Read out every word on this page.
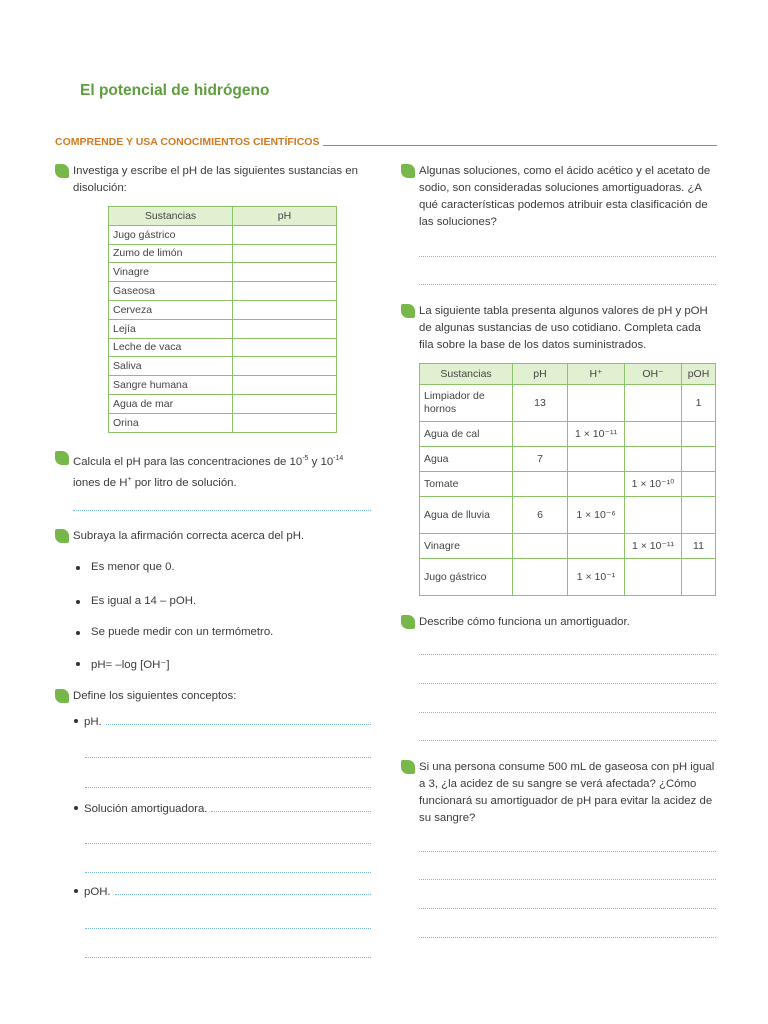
El potencial de hidrógeno
COMPRENDE Y USA CONOCIMIENTOS CIENTÍFICOS

Investiga y escribe el pH de las siguientes sustancias en disolución:

Sustancias	pH
Jugo gástrico	
Zumo de limón	
Vinagre	
Gaseosa	
Cerveza	
Lejía	
Leche de vaca	
Saliva	
Sangre humana	
Agua de mar	
Orina	

Calcula el pH para las concentraciones de $10^{-5}$ y $10^{-14}$ iones de H+ por litro de solución.

Subraya la afirmación correcta acerca del pH.

Es menor que 0.
Es igual a 14 – pOH.
Se puede medir con un termómetro.
pH= –log [OH⁻]

Define los siguientes conceptos:

pH.
Solución amortiguadora.
pOH.

Algunas soluciones, como el ácido acético y el acetato de sodio, son consideradas soluciones amortiguadoras. ¿A qué características podemos atribuir esta clasificación de las soluciones?

La siguiente tabla presenta algunos valores de pH y pOH de algunas sustancias de uso cotidiano. Completa cada fila sobre la base de los datos suministrados.

Sustancias	pH	H⁺	OH⁻	pOH
Limpiador de hornos	13			1
Agua de cal		1 × 10⁻¹¹		
Agua	7			
Tomate			1 × 10⁻¹⁰	
Agua de lluvia	6	1 × 10⁻⁶		
Vinagre			1 × 10⁻¹¹	11
Jugo gástrico		1 × 10⁻¹		

Describe cómo funciona un amortiguador.

Si una persona consume 500 mL de gaseosa con pH igual a 3, ¿la acidez de su sangre se verá afectada? ¿Cómo funcionará su amortiguador de pH para evitar la acidez de su sangre?
